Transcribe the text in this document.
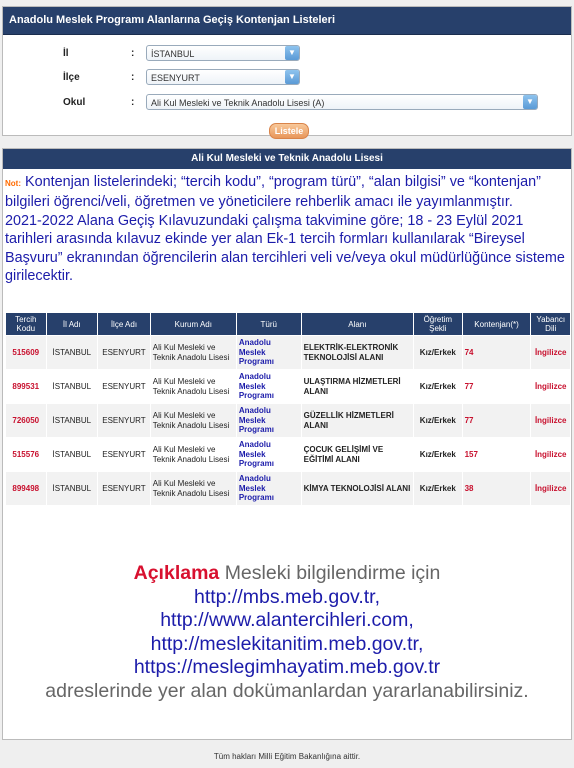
Anadolu Meslek Programı Alanlarına Geçiş Kontenjan Listeleri
İl	:	İSTANBUL	▼
İlçe	:	ESENYURT	▼
Okul	:	Ali Kul Mesleki ve Teknik Anadolu Lisesi (A)	▼
Listele
Ali Kul Mesleki ve Teknik Anadolu Lisesi
Not: Kontenjan listelerindeki; “tercih kodu”, “program türü”, “alan bilgisi” ve “kontenjan” bilgileri öğrenci/veli, öğretmen ve yöneticilere rehberlik amacı ile yayımlanmıştır.
2021-2022 Alana Geçiş Kılavuzundaki çalışma takvimine göre; 18 - 23 Eylül 2021 tarihleri arasında kılavuz ekinde yer alan Ek-1 tercih formları kullanılarak “Bireysel Başvuru” ekranından öğrencilerin alan tercihleri veli ve/veya okul müdürlüğünce sisteme girilecektir.
Tercih Kodu	İl Adı	İlçe Adı	Kurum Adı	Türü	Alanı	Öğretim Şekli	Kontenjan(*)	Yabancı Dili
515609	İSTANBUL	ESENYURT	Ali Kul Mesleki ve Teknik Anadolu Lisesi	Anadolu Meslek Programı	ELEKTRİK-ELEKTRONİK TEKNOLOJİSİ ALANI	Kız/Erkek	74	İngilizce
899531	İSTANBUL	ESENYURT	Ali Kul Mesleki ve Teknik Anadolu Lisesi	Anadolu Meslek Programı	ULAŞTIRMA HİZMETLERİ ALANI	Kız/Erkek	77	İngilizce
726050	İSTANBUL	ESENYURT	Ali Kul Mesleki ve Teknik Anadolu Lisesi	Anadolu Meslek Programı	GÜZELLİK HİZMETLERİ ALANI	Kız/Erkek	77	İngilizce
515576	İSTANBUL	ESENYURT	Ali Kul Mesleki ve Teknik Anadolu Lisesi	Anadolu Meslek Programı	ÇOCUK GELİŞİMİ VE EĞİTİMİ ALANI	Kız/Erkek	157	İngilizce
899498	İSTANBUL	ESENYURT	Ali Kul Mesleki ve Teknik Anadolu Lisesi	Anadolu Meslek Programı	KİMYA TEKNOLOJİSİ ALANI	Kız/Erkek	38	İngilizce
Açıklama Mesleki bilgilendirme için
http://mbs.meb.gov.tr,
http://www.alantercihleri.com,
http://meslekitanitim.meb.gov.tr,
https://meslegimhayatim.meb.gov.tr
adreslerinde yer alan dokümanlardan yararlanabilirsiniz.
Tüm hakları Milli Eğitim Bakanlığına aittir.
